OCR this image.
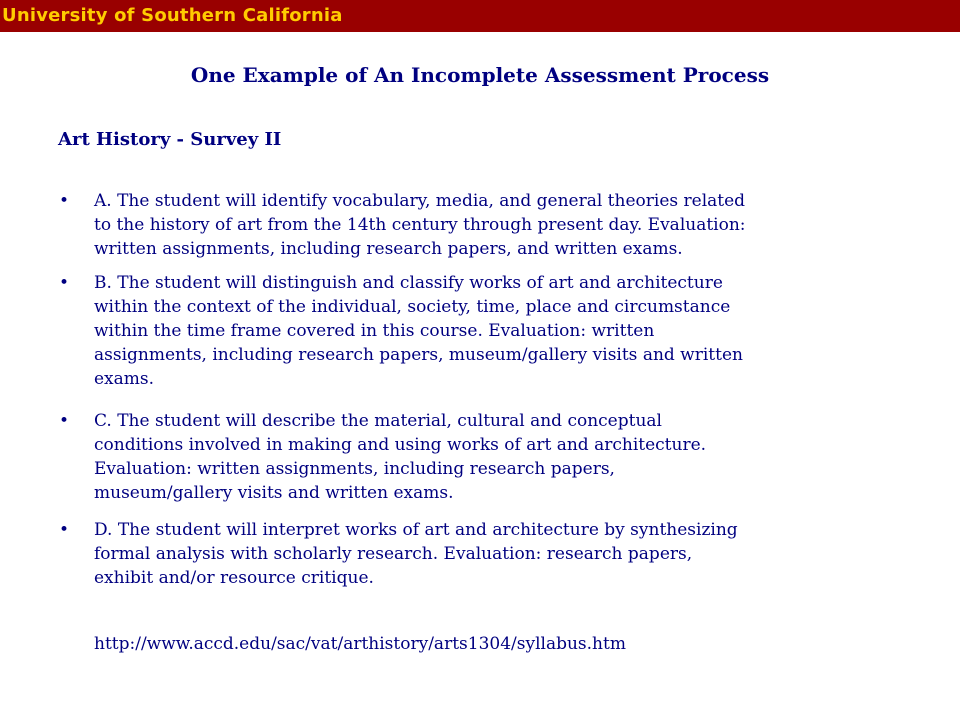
University of Southern California
One Example of An Incomplete Assessment Process
Art History - Survey II
• A. The student will identify vocabulary, media, and general theories related
to the history of art from the 14th century through present day. Evaluation:
written assignments, including research papers, and written exams.
• B. The student will distinguish and classify works of art and architecture
within the context of the individual, society, time, place and circumstance
within the time frame covered in this course. Evaluation: written
assignments, including research papers, museum/gallery visits and written
exams.
• C. The student will describe the material, cultural and conceptual
conditions involved in making and using works of art and architecture.
Evaluation: written assignments, including research papers,
museum/gallery visits and written exams.
• D. The student will interpret works of art and architecture by synthesizing
formal analysis with scholarly research. Evaluation: research papers,
exhibit and/or resource critique.
http://www.accd.edu/sac/vat/arthistory/arts1304/syllabus.htm
